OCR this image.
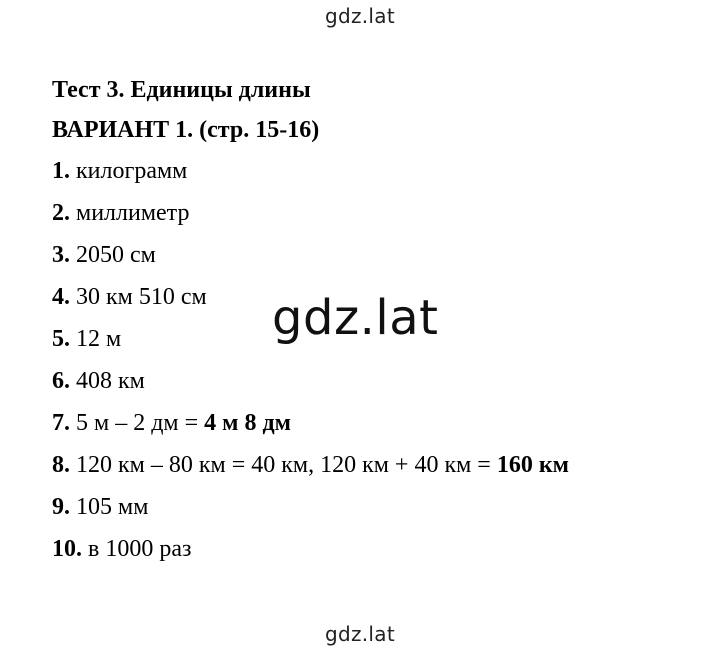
gdz.lat
Тест 3. Единицы длины
ВАРИАНТ 1. (стр. 15-16)
1. килограмм
2. миллиметр
3. 2050 см
4. 30 км 510 см
5. 12 м
6. 408 км
7. 5 м – 2 дм = 4 м 8 дм
8. 120 км – 80 км = 40 км, 120 км + 40 км = 160 км
9. 105 мм
10. в 1000 раз
gdz.lat
gdz.lat
